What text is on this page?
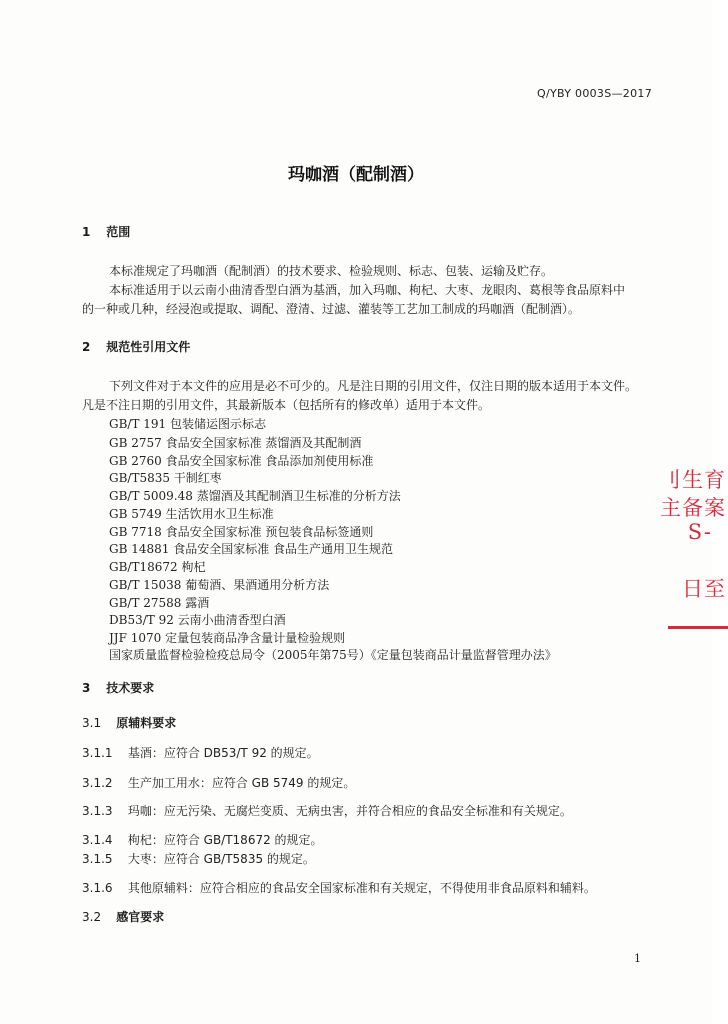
Q/YBY 0003S—2017
玛咖酒（配制酒）
1 范围
本标准规定了玛咖酒（配制酒）的技术要求、检验规则、标志、包装、运输及贮存。
本标准适用于以云南小曲清香型白酒为基酒，加入玛咖、枸杞、大枣、龙眼肉、葛根等食品原料中
的一种或几种，经浸泡或提取、调配、澄清、过滤、灌装等工艺加工制成的玛咖酒（配制酒）。
2 规范性引用文件
下列文件对于本文件的应用是必不可少的。凡是注日期的引用文件，仅注日期的版本适用于本文件。
凡是不注日期的引用文件，其最新版本（包括所有的修改单）适用于本文件。
GB/T 191 包装储运图示标志
GB 2757 食品安全国家标准 蒸馏酒及其配制酒
GB 2760 食品安全国家标准 食品添加剂使用标准
GB/T5835 干制红枣
GB/T 5009.48 蒸馏酒及其配制酒卫生标准的分析方法
GB 5749 生活饮用水卫生标准
GB 7718 食品安全国家标准 预包装食品标签通则
GB 14881 食品安全国家标准 食品生产通用卫生规范
GB/T18672 枸杞
GB/T 15038 葡萄酒、果酒通用分析方法
GB/T 27588 露酒
DB53/T 92 云南小曲清香型白酒
JJF 1070 定量包装商品净含量计量检验规则
国家质量监督检验检疫总局令（2005年第75号）《定量包装商品计量监督管理办法》
3 技术要求
3.1 原辅料要求
3.1.1 基酒：应符合 DB53/T 92 的规定。
3.1.2 生产加工用水：应符合 GB 5749 的规定。
3.1.3 玛咖：应无污染、无腐烂变质、无病虫害，并符合相应的食品安全标准和有关规定。
3.1.4 枸杞：应符合 GB/T18672 的规定。
3.1.5 大枣：应符合 GB/T5835 的规定。
3.1.6 其他原辅料：应符合相应的食品安全国家标准和有关规定，不得使用非食品原料和辅料。
3.2 感官要求
1
刂生育
主备案
S-
日至
